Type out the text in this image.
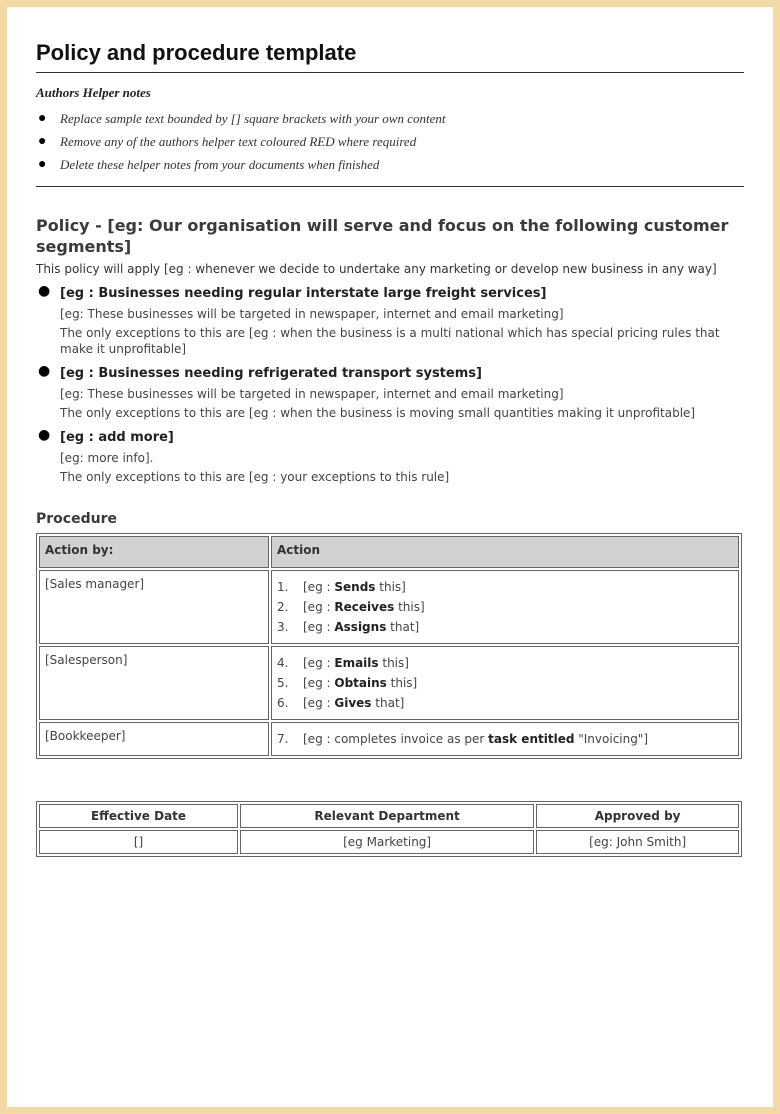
Policy and procedure template
Authors Helper notes
● Replace sample text bounded by [] square brackets with your own content
● Remove any of the authors helper text coloured RED where required
● Delete these helper notes from your documents when finished
Policy - [eg: Our organisation will serve and focus on the following customer segments]

This policy will apply [eg : whenever we decide to undertake any marketing or develop new business in any way]

● [eg : Businesses needing regular interstate large freight services]
[eg: These businesses will be targeted in newspaper, internet and email marketing]
The only exceptions to this are [eg : when the business is a multi national which has special pricing rules that make it unprofitable]
● [eg : Businesses needing refrigerated transport systems]
[eg: These businesses will be targeted in newspaper, internet and email marketing]
The only exceptions to this are [eg : when the business is moving small quantities making it unprofitable]
● [eg : add more]
[eg: more info].
The only exceptions to this are [eg : your exceptions to this rule]
Procedure
Action by:	Action
[Sales manager]	1. [eg : Sends this]
2. [eg : Receives this]
3. [eg : Assigns that]

[Salesperson]	4. [eg : Emails this]
5. [eg : Obtains this]
6. [eg : Gives that]

[Bookkeeper]	7. [eg : completes invoice as per task entitled "Invoicing"]
Effective Date	Relevant Department	Approved by
[]	[eg Marketing]	[eg: John Smith]
